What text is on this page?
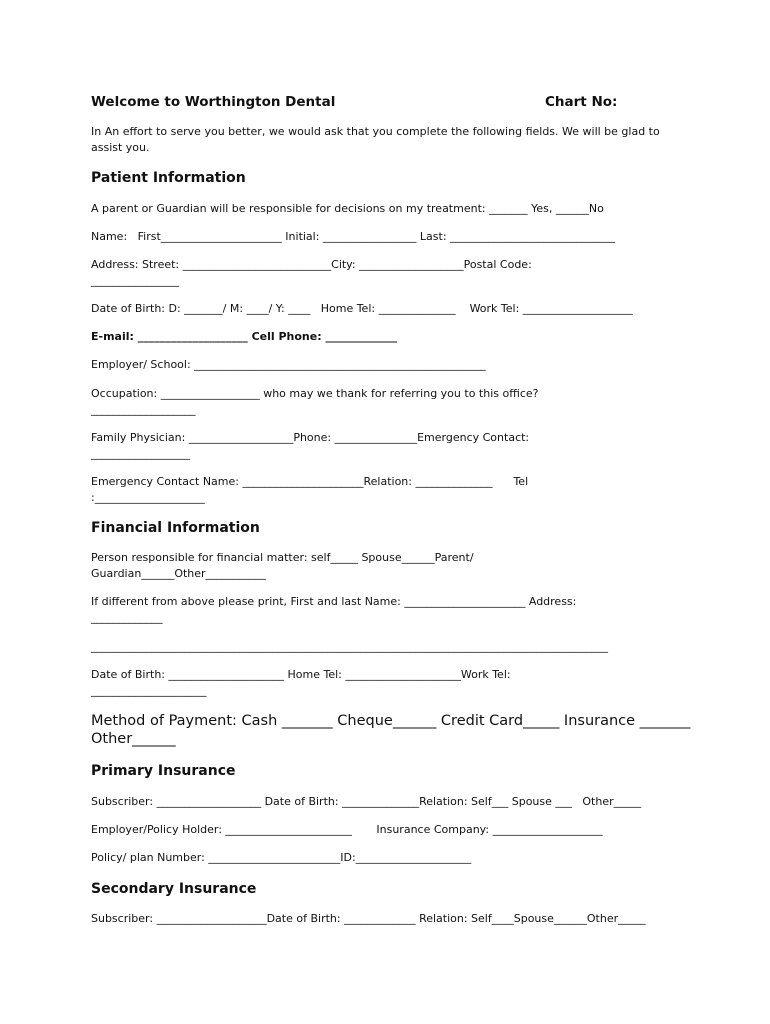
Welcome to Worthington Dental	Chart No:
In An effort to serve you better, we would ask that you complete the following fields. We will be glad to assist you.
Patient Information
A parent or Guardian will be responsible for decisions on my treatment: _______ Yes, ______No
Name:   First______________________ Initial: _________________ Last: ______________________________
Address: Street: ___________________________City: ___________________Postal Code:
________________
Date of Birth: D: _______/ M: ____/ Y: ____   Home Tel: ______________    Work Tel: ____________________
E-mail: ____________________ Cell Phone: _____________
Employer/ School: _____________________________________________________
Occupation: __________________ who may we thank for referring you to this office?
___________________
Family Physician: ___________________Phone: _______________Emergency Contact:
__________________
Emergency Contact Name: ______________________Relation: ______________      Tel
:____________________
Financial Information
Person responsible for financial matter: self_____ Spouse______Parent/
Guardian______Other___________
If different from above please print, First and last Name: ______________________ Address:
_____________
______________________________________________________________________________________________
Date of Birth: _____________________ Home Tel: _____________________Work Tel:
_____________________
Method of Payment: Cash _______ Cheque______ Credit Card_____ Insurance _______
Other______
Primary Insurance
Subscriber: ___________________ Date of Birth: ______________Relation: Self___ Spouse ___   Other_____
Employer/Policy Holder: _______________________       Insurance Company: ____________________
Policy/ plan Number: ________________________ID:_____________________
Secondary Insurance
Subscriber: ____________________Date of Birth: _____________ Relation: Self____Spouse______Other_____
